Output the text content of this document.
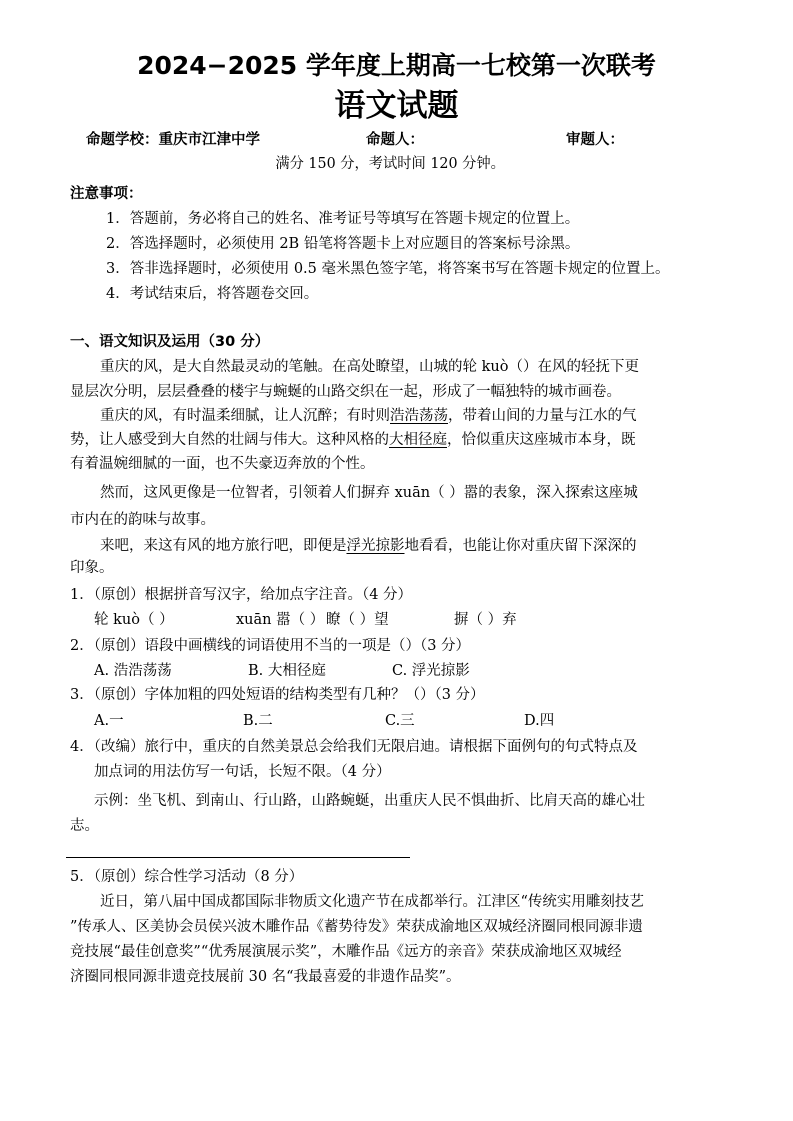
2024−2025 学年度上期高一七校第一次联考
语文试题
命题学校：重庆市江津中学	命题人：	审题人：
满分 150 分，考试时间 120 分钟。
注意事项：
1．答题前，务必将自己的姓名、准考证号等填写在答题卡规定的位置上。
2．答选择题时，必须使用 2B 铅笔将答题卡上对应题目的答案标号涂黑。
3．答非选择题时，必须使用 0.5 毫米黑色签字笔，将答案书写在答题卡规定的位置上。
4．考试结束后，将答题卷交回。
一、语文知识及运用（30 分）
重庆的风，是大自然最灵动的笔触。在高处瞭望，山城的轮 kuò（）在风的轻抚下更
显层次分明，层层叠叠的楼宇与蜿蜒的山路交织在一起，形成了一幅独特的城市画卷。
重庆的风，有时温柔细腻，让人沉醉；有时则浩浩荡荡，带着山间的力量与江水的气
势，让人感受到大自然的壮阔与伟大。这种风格的大相径庭，恰似重庆这座城市本身，既
有着温婉细腻的一面，也不失豪迈奔放的个性。
然而，这风更像是一位智者，引领着人们摒弃 xuān（ ）嚣的表象，深入探索这座城
市内在的韵味与故事。
来吧，来这有风的地方旅行吧，即便是浮光掠影地看看，也能让你对重庆留下深深的
印象。
1．（原创）根据拼音写汉字，给加点字注音。（4 分）
轮 kuò（ ）	xuān 嚣（ ） 瞭（ ）望	摒（ ）弃
2．（原创）语段中画横线的词语使用不当的一项是（）（3 分）
A. 浩浩荡荡	B. 大相径庭	C. 浮光掠影
3．（原创）字体加粗的四处短语的结构类型有几种？（）（3 分）
A.一	B.二	C.三	D.四
4．（改编）旅行中，重庆的自然美景总会给我们无限启迪。请根据下面例句的句式特点及
加点词的用法仿写一句话，长短不限。（4 分）
示例：坐飞机、到南山、行山路，山路蜿蜒，出重庆人民不惧曲折、比肩天高的雄心壮
志。
5．（原创）综合性学习活动（8 分）
近日，第八届中国成都国际非物质文化遗产节在成都举行。江津区“传统实用雕刻技艺
”传承人、区美协会员侯兴波木雕作品《蓄势待发》荣获成渝地区双城经济圈同根同源非遗
竞技展“最佳创意奖”“优秀展演展示奖”，木雕作品《远方的亲音》荣获成渝地区双城经
济圈同根同源非遗竞技展前 30 名“我最喜爱的非遗作品奖”。
